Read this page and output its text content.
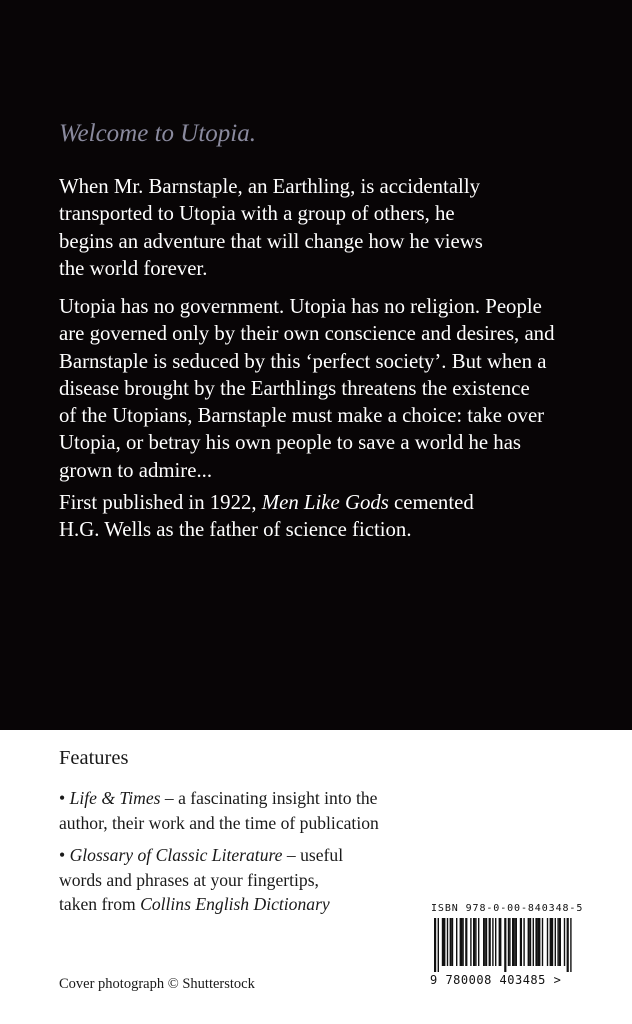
Welcome to Utopia.

When Mr. Barnstaple, an Earthling, is accidentally
transported to Utopia with a group of others, he
begins an adventure that will change how he views
the world forever.

Utopia has no government. Utopia has no religion. People
are governed only by their own conscience and desires, and
Barnstaple is seduced by this ‘perfect society’. But when a
disease brought by the Earthlings threatens the existence
of the Utopians, Barnstaple must make a choice: take over
Utopia, or betray his own people to save a world he has
grown to admire...

First published in 1922, Men Like Gods cemented
H.G. Wells as the father of science fiction.

Features

• Life & Times – a fascinating insight into the
author, their work and the time of publication

• Glossary of Classic Literature – useful
words and phrases at your fingertips,
taken from Collins English Dictionary

Cover photograph © Shutterstock

ISBN 978-0-00-840348-5
9 780008 403485 >
